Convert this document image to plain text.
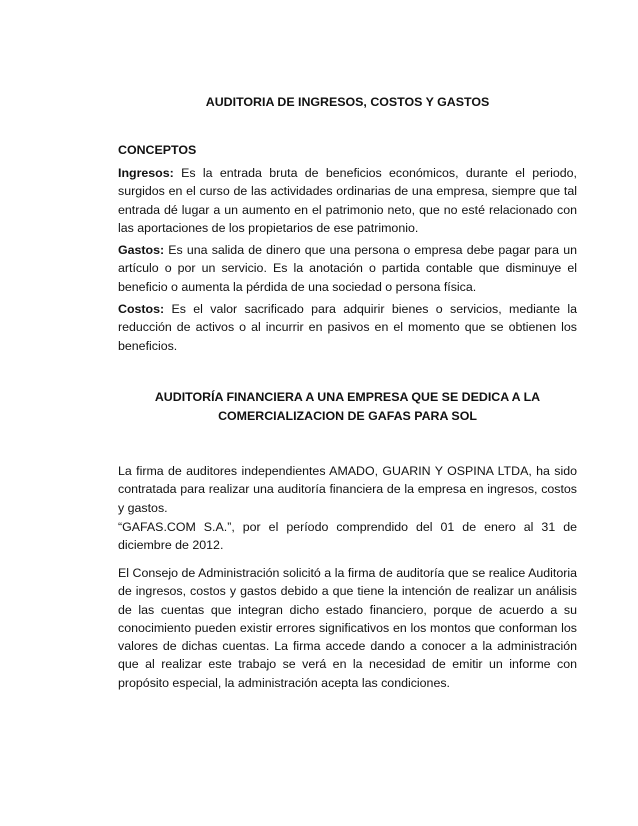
AUDITORIA DE INGRESOS, COSTOS Y GASTOS
CONCEPTOS

Ingresos: Es la entrada bruta de beneficios económicos, durante el periodo, surgidos en el curso de las actividades ordinarias de una empresa, siempre que tal entrada dé lugar a un aumento en el patrimonio neto, que no esté relacionado con las aportaciones de los propietarios de ese patrimonio.

Gastos: Es una salida de dinero que una persona o empresa debe pagar para un artículo o por un servicio. Es la anotación o partida contable que disminuye el beneficio o aumenta la pérdida de una sociedad o persona física.

Costos: Es el valor sacrificado para adquirir bienes o servicios, mediante la reducción de activos o al incurrir en pasivos en el momento que se obtienen los beneficios.

AUDITORÍA FINANCIERA A UNA EMPRESA QUE SE DEDICA A LA
COMERCIALIZACION DE GAFAS PARA SOL

La firma de auditores independientes AMADO, GUARIN Y OSPINA LTDA, ha sido contratada para realizar una auditoría financiera de la empresa en ingresos, costos y gastos.

“GAFAS.COM S.A.”, por el período comprendido del 01 de enero al 31 de diciembre de 2012.

El Consejo de Administración solicitó a la firma de auditoría que se realice Auditoria de ingresos, costos y gastos debido a que tiene la intención de realizar un análisis de las cuentas que integran dicho estado financiero, porque de acuerdo a su conocimiento pueden existir errores significativos en los montos que conforman los valores de dichas cuentas. La firma accede dando a conocer a la administración que al realizar este trabajo se verá en la necesidad de emitir un informe con propósito especial, la administración acepta las condiciones.
